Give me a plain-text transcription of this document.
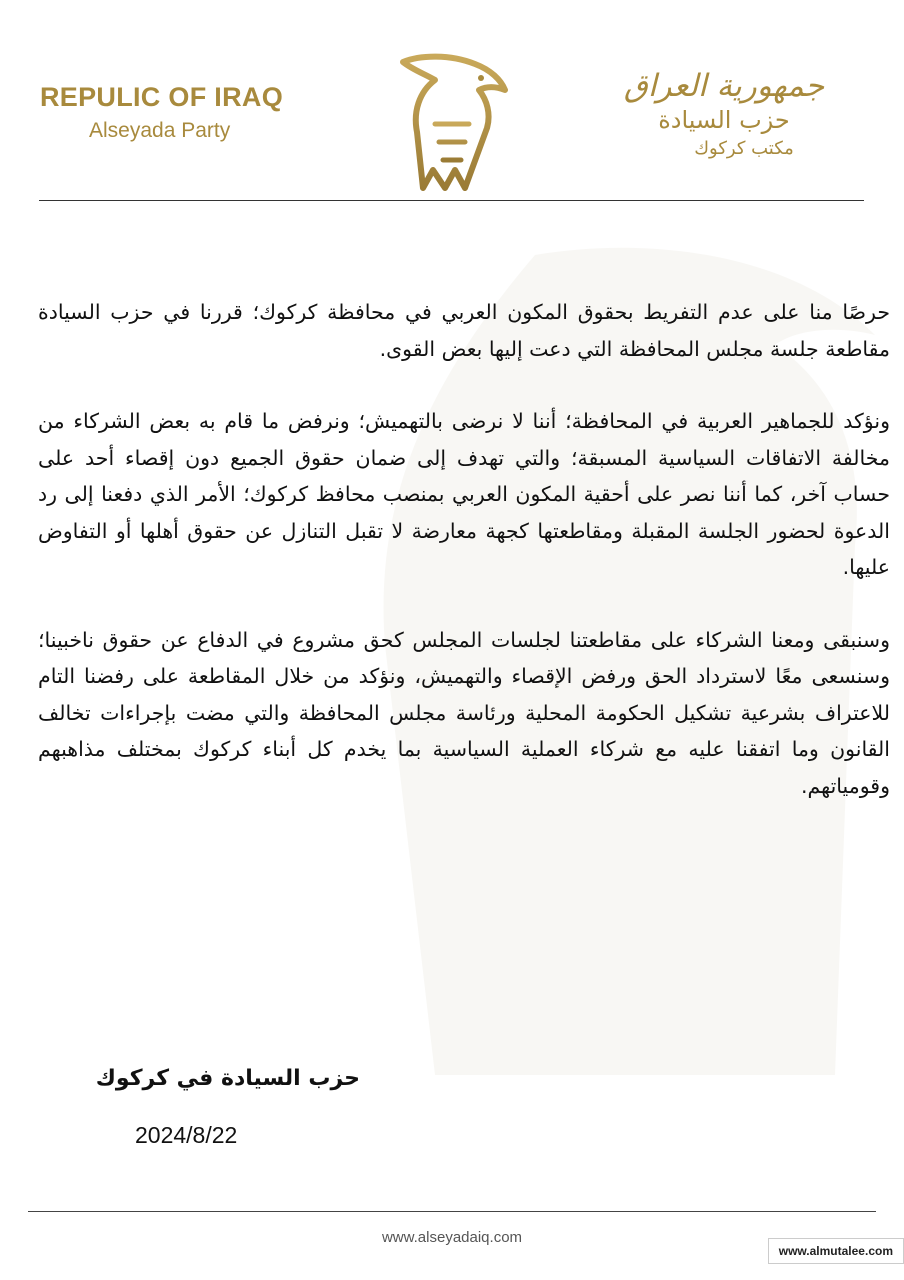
REPULIC OF IRAQ
Alseyada Party
جمهورية العراق
حزب السيادة
مكتب كركوك

حرصًا منا على عدم التفريط بحقوق المكون العربي في محافظة كركوك؛ قررنا في حزب السيادة مقاطعة جلسة مجلس المحافظة التي دعت إليها بعض القوى.

ونؤكد للجماهير العربية في المحافظة؛ أننا لا نرضى بالتهميش؛ ونرفض ما قام به بعض الشركاء من مخالفة الاتفاقات السياسية المسبقة؛ والتي تهدف إلى ضمان حقوق الجميع دون إقصاء أحد على حساب آخر، كما أننا نصر على أحقية المكون العربي بمنصب محافظ كركوك؛ الأمر الذي دفعنا إلى رد الدعوة لحضور الجلسة المقبلة ومقاطعتها كجهة معارضة لا تقبل التنازل عن حقوق أهلها أو التفاوض عليها.

وسنبقى ومعنا الشركاء على مقاطعتنا لجلسات المجلس كحق مشروع في الدفاع عن حقوق ناخبينا؛ وسنسعى معًا لاسترداد الحق ورفض الإقصاء والتهميش، ونؤكد من خلال المقاطعة على رفضنا التام للاعتراف بشرعية تشكيل الحكومة المحلية ورئاسة مجلس المحافظة والتي مضت بإجراءات تخالف القانون وما اتفقنا عليه مع شركاء العملية السياسية بما يخدم كل أبناء كركوك بمختلف مذاهبهم وقومياتهم.

حزب السيادة في كركوك
2024/8/22
www.alseyadaiq.com
www.almutalee.com
